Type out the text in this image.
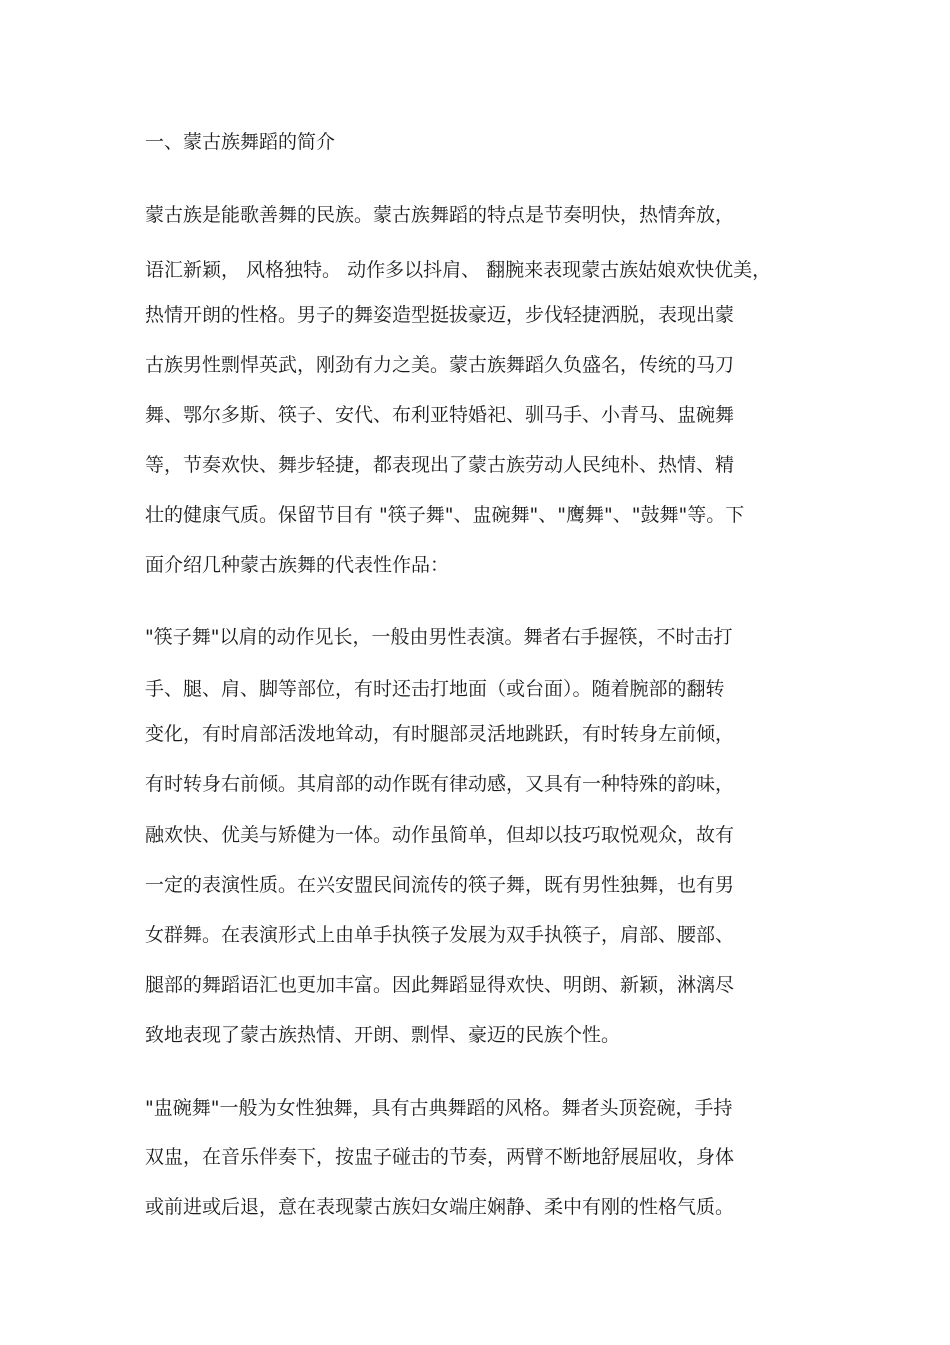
一、蒙古族舞蹈的简介

蒙古族是能歌善舞的民族。蒙古族舞蹈的特点是节奏明快，热情奔放，

语汇新颖， 风格独特。 动作多以抖肩、 翻腕来表现蒙古族姑娘欢快优美，

热情开朗的性格。男子的舞姿造型挺拔豪迈，步伐轻捷洒脱，表现出蒙

古族男性剽悍英武，刚劲有力之美。蒙古族舞蹈久负盛名，传统的马刀

舞、鄂尔多斯、筷子、安代、布利亚特婚祀、驯马手、小青马、盅碗舞

等，节奏欢快、舞步轻捷，都表现出了蒙古族劳动人民纯朴、热情、精

壮的健康气质。保留节目有 "筷子舞"、盅碗舞"、"鹰舞"、"鼓舞"等。下

面介绍几种蒙古族舞的代表性作品：

"筷子舞"以肩的动作见长，一般由男性表演。舞者右手握筷，不时击打

手、腿、肩、脚等部位，有时还击打地面（或台面）。随着腕部的翻转

变化，有时肩部活泼地耸动，有时腿部灵活地跳跃，有时转身左前倾，

有时转身右前倾。其肩部的动作既有律动感，又具有一种特殊的韵味，

融欢快、优美与矫健为一体。动作虽简单，但却以技巧取悦观众，故有

一定的表演性质。在兴安盟民间流传的筷子舞，既有男性独舞，也有男

女群舞。在表演形式上由单手执筷子发展为双手执筷子，肩部、腰部、

腿部的舞蹈语汇也更加丰富。因此舞蹈显得欢快、明朗、新颖，淋漓尽

致地表现了蒙古族热情、开朗、剽悍、豪迈的民族个性。

"盅碗舞"一般为女性独舞，具有古典舞蹈的风格。舞者头顶瓷碗，手持

双盅，在音乐伴奏下，按盅子碰击的节奏，两臂不断地舒展屈收，身体

或前进或后退，意在表现蒙古族妇女端庄娴静、柔中有刚的性格气质。
